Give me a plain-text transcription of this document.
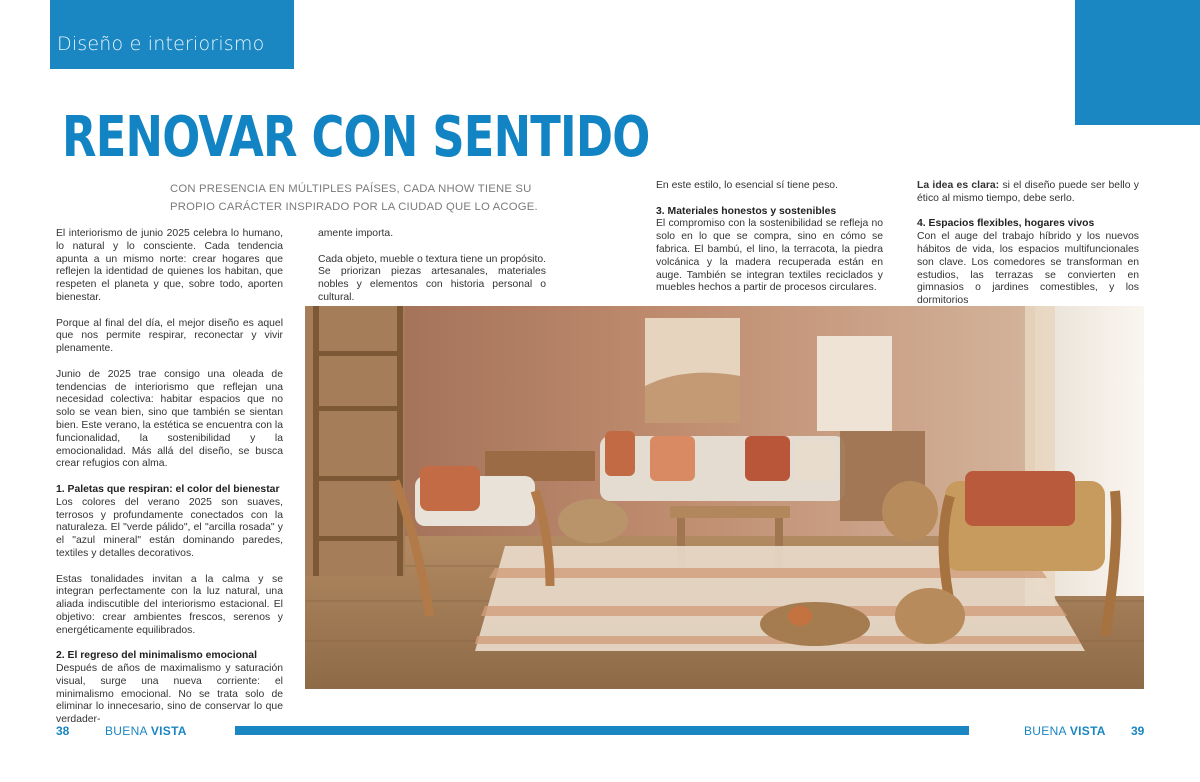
Diseño e interiorismo
RENOVAR CON SENTIDO
CON PRESENCIA EN MÚLTIPLES PAÍSES, CADA NHOW TIENE SU PROPIO CARÁCTER INSPIRADO POR LA CIUDAD QUE LO ACOGE.

El interiorismo de junio 2025 celebra lo humano, lo natural y lo consciente. Cada tendencia apunta a un mismo norte: crear hogares que reflejen la identidad de quienes los habitan, que respeten el planeta y que, sobre todo, aporten bienestar.

Porque al final del día, el mejor diseño es aquel que nos permite respirar, reconectar y vivir plenamente.

Junio de 2025 trae consigo una oleada de tendencias de interiorismo que reflejan una necesidad colectiva: habitar espacios que no solo se vean bien, sino que también se sientan bien. Este verano, la estética se encuentra con la funcionalidad, la sostenibilidad y la emocionalidad. Más allá del diseño, se busca crear refugios con alma.

1. Paletas que respiran: el color del bienestar

Los colores del verano 2025 son suaves, terrosos y profundamente conectados con la naturaleza. El "verde pálido", el "arcilla rosada" y el "azul mineral" están dominando paredes, textiles y detalles decorativos.

Estas tonalidades invitan a la calma y se integran perfectamente con la luz natural, una aliada indiscutible del interiorismo estacional. El objetivo: crear ambientes frescos, serenos y energéticamente equilibrados.

2. El regreso del minimalismo emocional

Después de años de maximalismo y saturación visual, surge una nueva corriente: el minimalismo emocional. No se trata solo de eliminar lo innecesario, sino de conservar lo que verdader-

amente importa.

Cada objeto, mueble o textura tiene un propósito. Se priorizan piezas artesanales, materiales nobles y elementos con historia personal o cultural.

En este estilo, lo esencial sí tiene peso.

3. Materiales honestos y sostenibles

El compromiso con la sostenibilidad se refleja no solo en lo que se compra, sino en cómo se fabrica. El bambú, el lino, la terracota, la piedra volcánica y la madera recuperada están en auge. También se integran textiles reciclados y muebles hechos a partir de procesos circulares.

La idea es clara: si el diseño puede ser bello y ético al mismo tiempo, debe serlo.

4. Espacios flexibles, hogares vivos

Con el auge del trabajo híbrido y los nuevos hábitos de vida, los espacios multifuncionales son clave. Los comedores se transforman en estudios, las terrazas se convierten en gimnasios o jardines comestibles, y los dormitorios

38	BUENA VISTA	BUENA VISTA 39
